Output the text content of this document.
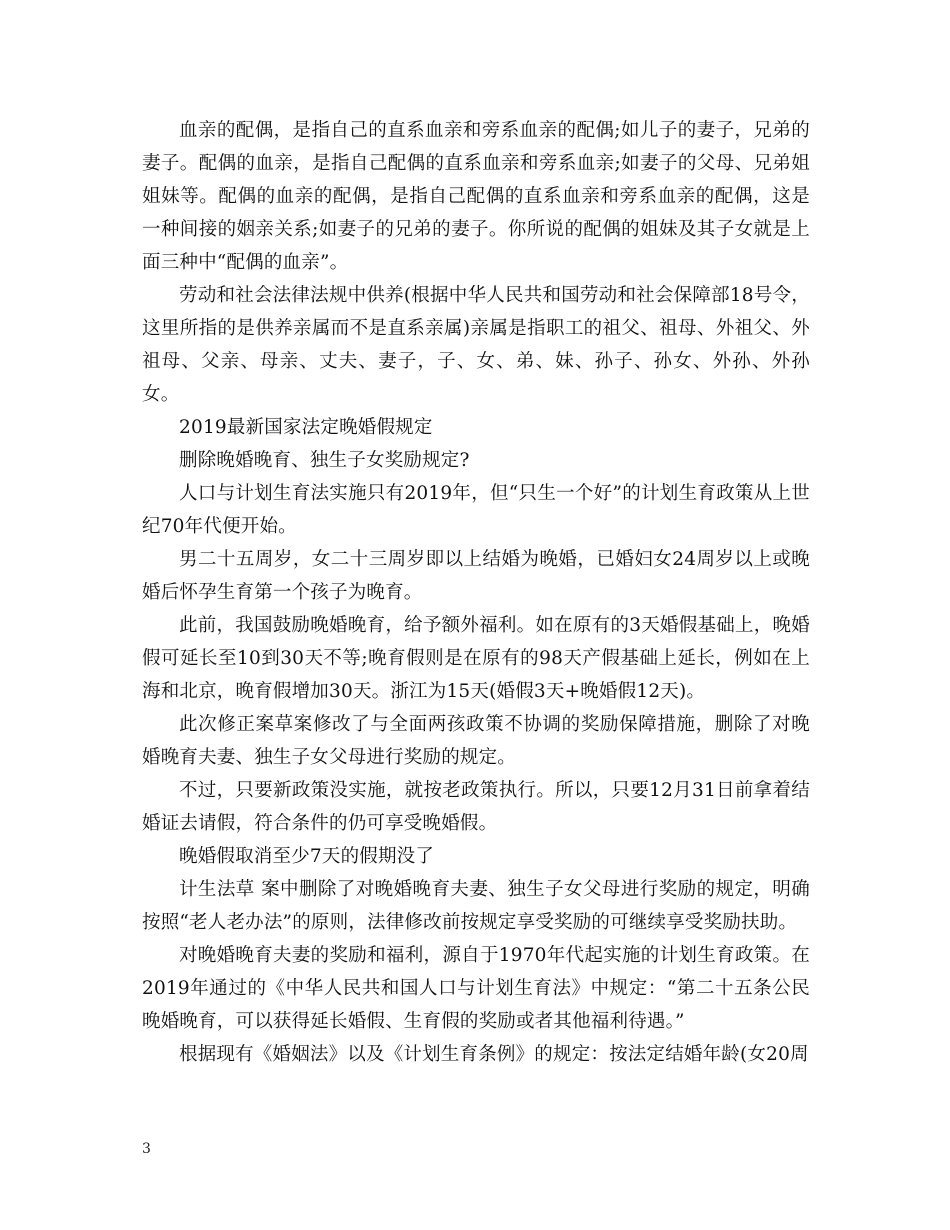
血亲的配偶，是指自己的直系血亲和旁系血亲的配偶;如儿子的妻子，兄弟的妻子。配偶的血亲，是指自己配偶的直系血亲和旁系血亲;如妻子的父母、兄弟姐姐妹等。配偶的血亲的配偶，是指自己配偶的直系血亲和旁系血亲的配偶，这是一种间接的姻亲关系;如妻子的兄弟的妻子。你所说的配偶的姐妹及其子女就是上面三种中“配偶的血亲”。

劳动和社会法律法规中供养(根据中华人民共和国劳动和社会保障部18号令，这里所指的是供养亲属而不是直系亲属)亲属是指职工的祖父、祖母、外祖父、外祖母、父亲、母亲、丈夫、妻子，子、女、弟、妹、孙子、孙女、外孙、外孙女。

2019最新国家法定晚婚假规定

删除晚婚晚育、独生子女奖励规定?

人口与计划生育法实施只有2019年，但“只生一个好”的计划生育政策从上世纪70年代便开始。

男二十五周岁，女二十三周岁即以上结婚为晚婚，已婚妇女24周岁以上或晚婚后怀孕生育第一个孩子为晚育。

此前，我国鼓励晚婚晚育，给予额外福利。如在原有的3天婚假基础上，晚婚假可延长至10到30天不等;晚育假则是在原有的98天产假基础上延长，例如在上海和北京，晚育假增加30天。浙江为15天(婚假3天+晚婚假12天)。

此次修正案草案修改了与全面两孩政策不协调的奖励保障措施，删除了对晚婚晚育夫妻、独生子女父母进行奖励的规定。

不过，只要新政策没实施，就按老政策执行。所以，只要12月31日前拿着结婚证去请假，符合条件的仍可享受晚婚假。

晚婚假取消至少7天的假期没了

计生法草 案中删除了对晚婚晚育夫妻、独生子女父母进行奖励的规定，明确按照“老人老办法”的原则，法律修改前按规定享受奖励的可继续享受奖励扶助。

对晚婚晚育夫妻的奖励和福利，源自于1970年代起实施的计划生育政策。在2019年通过的《中华人民共和国人口与计划生育法》中规定：“第二十五条公民晚婚晚育，可以获得延长婚假、生育假的奖励或者其他福利待遇。”

根据现有《婚姻法》以及《计划生育条例》的规定：按法定结婚年龄(女20周

3
